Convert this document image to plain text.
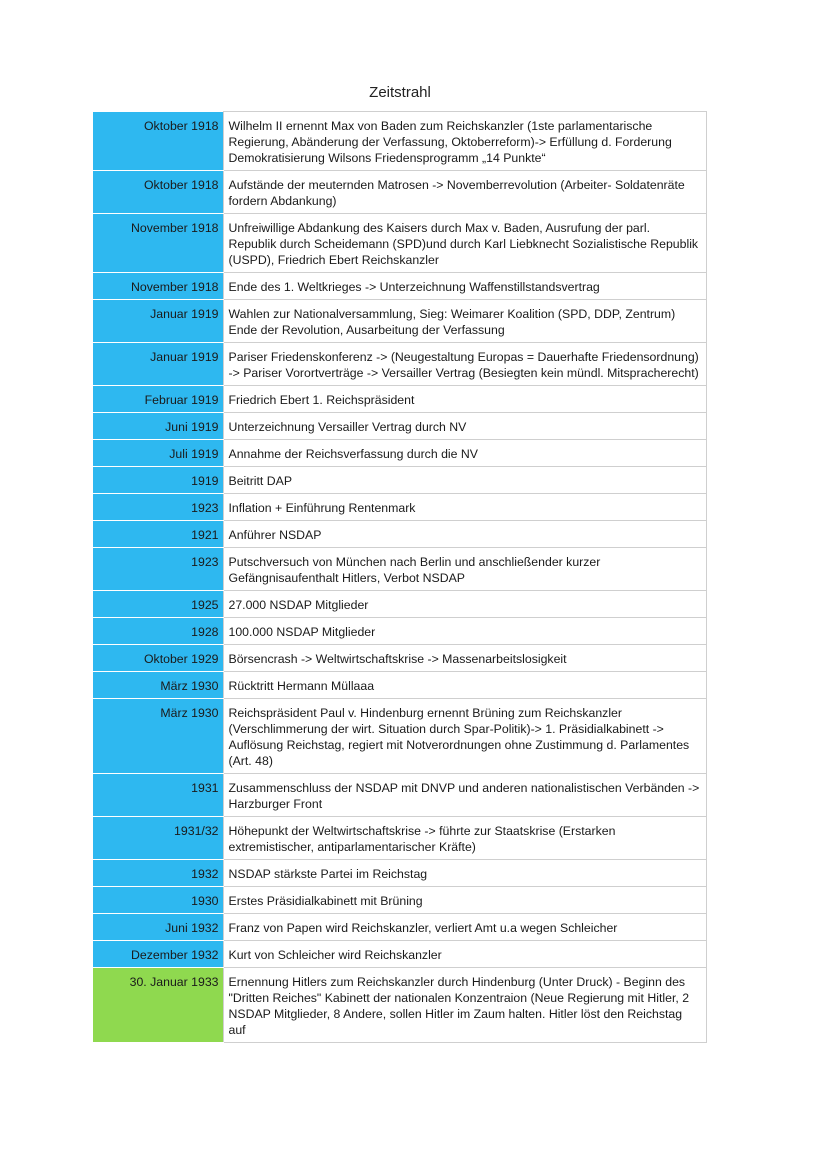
Zeitstrahl
Oktober 1918	Wilhelm II ernennt Max von Baden zum Reichskanzler (1ste parlamentarische Regierung, Abänderung der Verfassung, Oktoberreform)-> Erfüllung d. Forderung Demokratisierung Wilsons Friedensprogramm „14 Punkte“
Oktober 1918	Aufstände der meuternden Matrosen -> Novemberrevolution (Arbeiter- Soldatenräte fordern Abdankung)
November 1918	Unfreiwillige Abdankung des Kaisers durch Max v. Baden, Ausrufung der parl. Republik durch Scheidemann (SPD)und durch Karl Liebknecht Sozialistische Republik (USPD), Friedrich Ebert Reichskanzler
November 1918	Ende des 1. Weltkrieges -> Unterzeichnung Waffenstillstandsvertrag
Januar 1919	Wahlen zur Nationalversammlung, Sieg: Weimarer Koalition (SPD, DDP, Zentrum) Ende der Revolution, Ausarbeitung der Verfassung
Januar 1919	Pariser Friedenskonferenz -> (Neugestaltung Europas = Dauerhafte Friedensordnung) -> Pariser Vorortverträge -> Versailler Vertrag (Besiegten kein mündl. Mitspracherecht)
Februar 1919	Friedrich Ebert 1. Reichspräsident
Juni 1919	Unterzeichnung Versailler Vertrag durch NV
Juli 1919	Annahme der Reichsverfassung durch die NV
1919	Beitritt DAP
1923	Inflation + Einführung Rentenmark
1921	Anführer NSDAP
1923	Putschversuch von München nach Berlin und anschließender kurzer Gefängnisaufenthalt Hitlers, Verbot NSDAP
1925	27.000 NSDAP Mitglieder
1928	100.000 NSDAP Mitglieder
Oktober 1929	Börsencrash -> Weltwirtschaftskrise -> Massenarbeitslosigkeit
März 1930	Rücktritt Hermann Müllaaa
März 1930	Reichspräsident Paul v. Hindenburg ernennt Brüning zum Reichskanzler (Verschlimmerung der wirt. Situation durch Spar-Politik)-> 1. Präsidialkabinett -> Auflösung Reichstag, regiert mit Notverordnungen ohne Zustimmung d. Parlamentes (Art. 48)
1931	Zusammenschluss der NSDAP mit DNVP und anderen nationalistischen Verbänden -> Harzburger Front
1931/32	Höhepunkt der Weltwirtschaftskrise -> führte zur Staatskrise (Erstarken extremistischer, antiparlamentarischer Kräfte)
1932	NSDAP stärkste Partei im Reichstag
1930	Erstes Präsidialkabinett mit Brüning
Juni 1932	Franz von Papen wird Reichskanzler, verliert Amt u.a wegen Schleicher
Dezember 1932	Kurt von Schleicher wird Reichskanzler
30. Januar 1933	Ernennung Hitlers zum Reichskanzler durch Hindenburg (Unter Druck) - Beginn des "Dritten Reiches" Kabinett der nationalen Konzentraion (Neue Regierung mit Hitler, 2 NSDAP Mitglieder, 8 Andere, sollen Hitler im Zaum halten. Hitler löst den Reichstag auf
